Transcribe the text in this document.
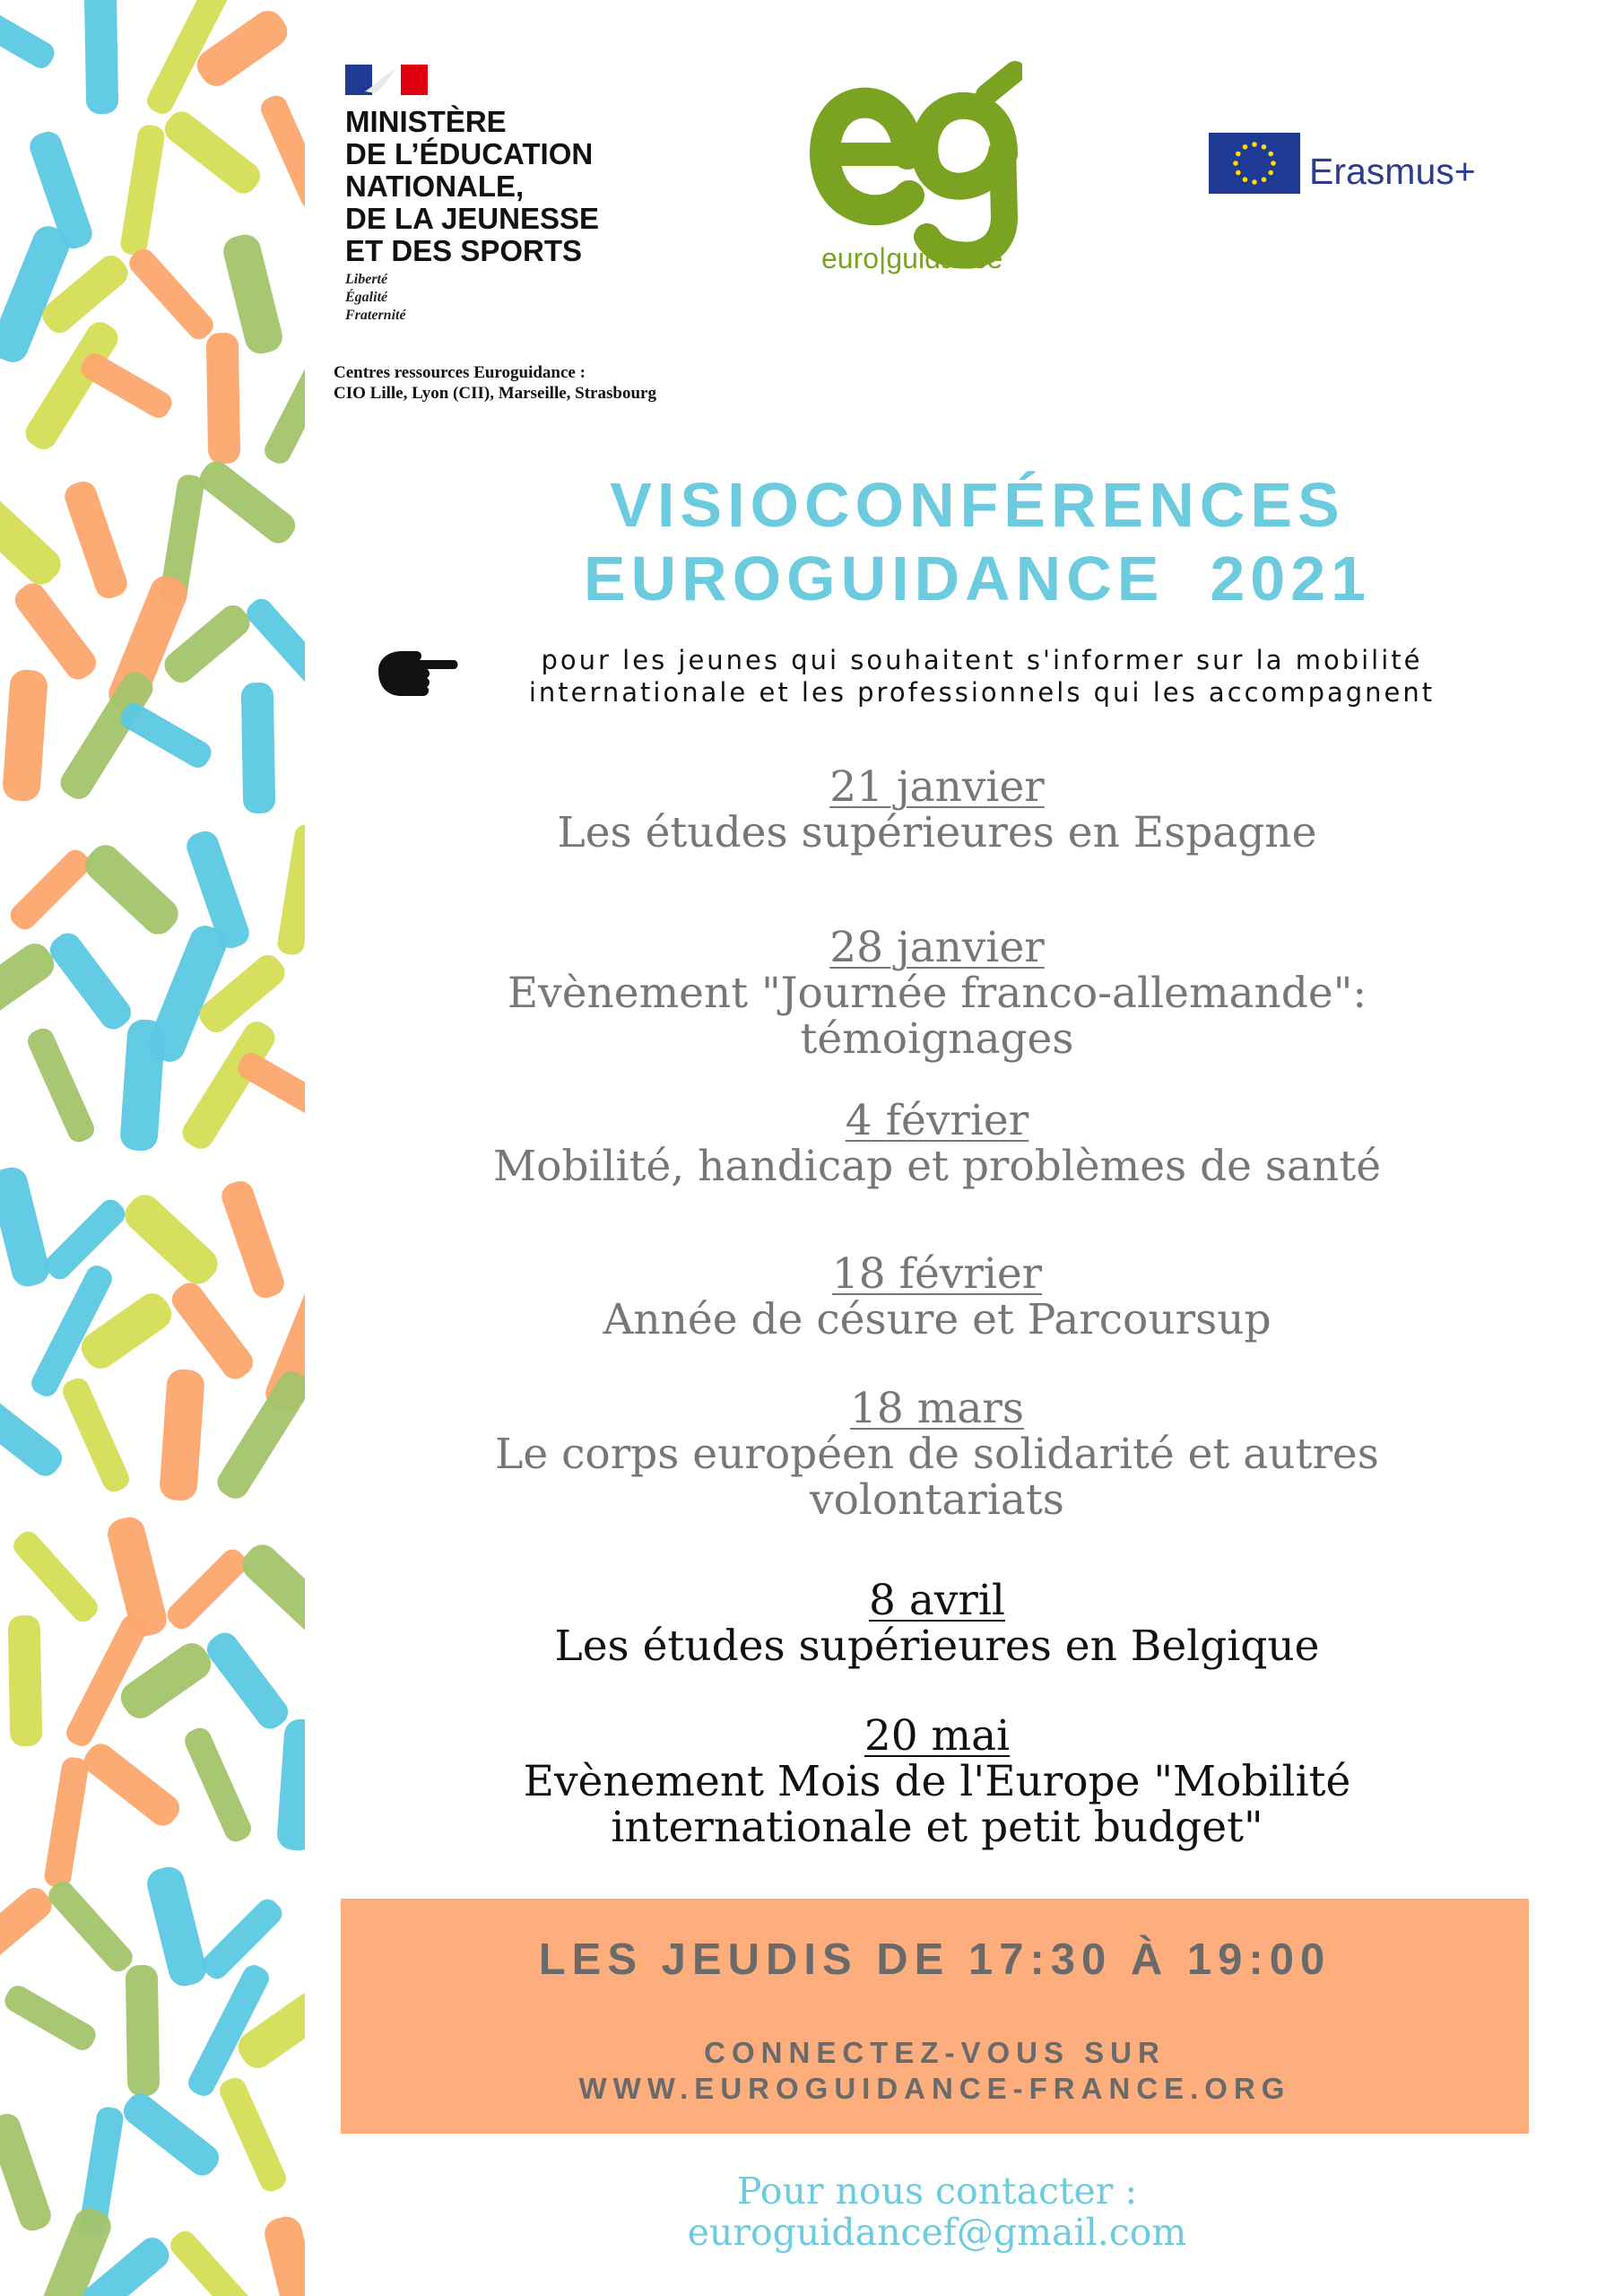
MINISTÈRE
DE L’ÉDUCATION
NATIONALE,
DE LA JEUNESSE
ET DES SPORTS
Liberté
Égalité
Fraternité
Centres ressources Euroguidance :
CIO Lille, Lyon (CII), Marseille, Strasbourg
euro|guidance
Erasmus+
VISIOCONFÉRENCES
EUROGUIDANCE  2021
pour les jeunes qui souhaitent s'informer sur la mobilité
internationale et les professionnels qui les accompagnent
21 janvier
Les études supérieures en Espagne
28 janvier
Evènement "Journée franco-allemande":
témoignages
4 février
Mobilité, handicap et problèmes de santé
18 février
Année de césure et Parcoursup
18 mars
Le corps européen de solidarité et autres
volontariats
8 avril
Les études supérieures en Belgique
20 mai
Evènement Mois de l'Europe "Mobilité
internationale et petit budget"
LES JEUDIS DE 17:30 À 19:00
CONNECTEZ-VOUS SUR
WWW.EUROGUIDANCE-FRANCE.ORG
Pour nous contacter :
euroguidancef@gmail.com
